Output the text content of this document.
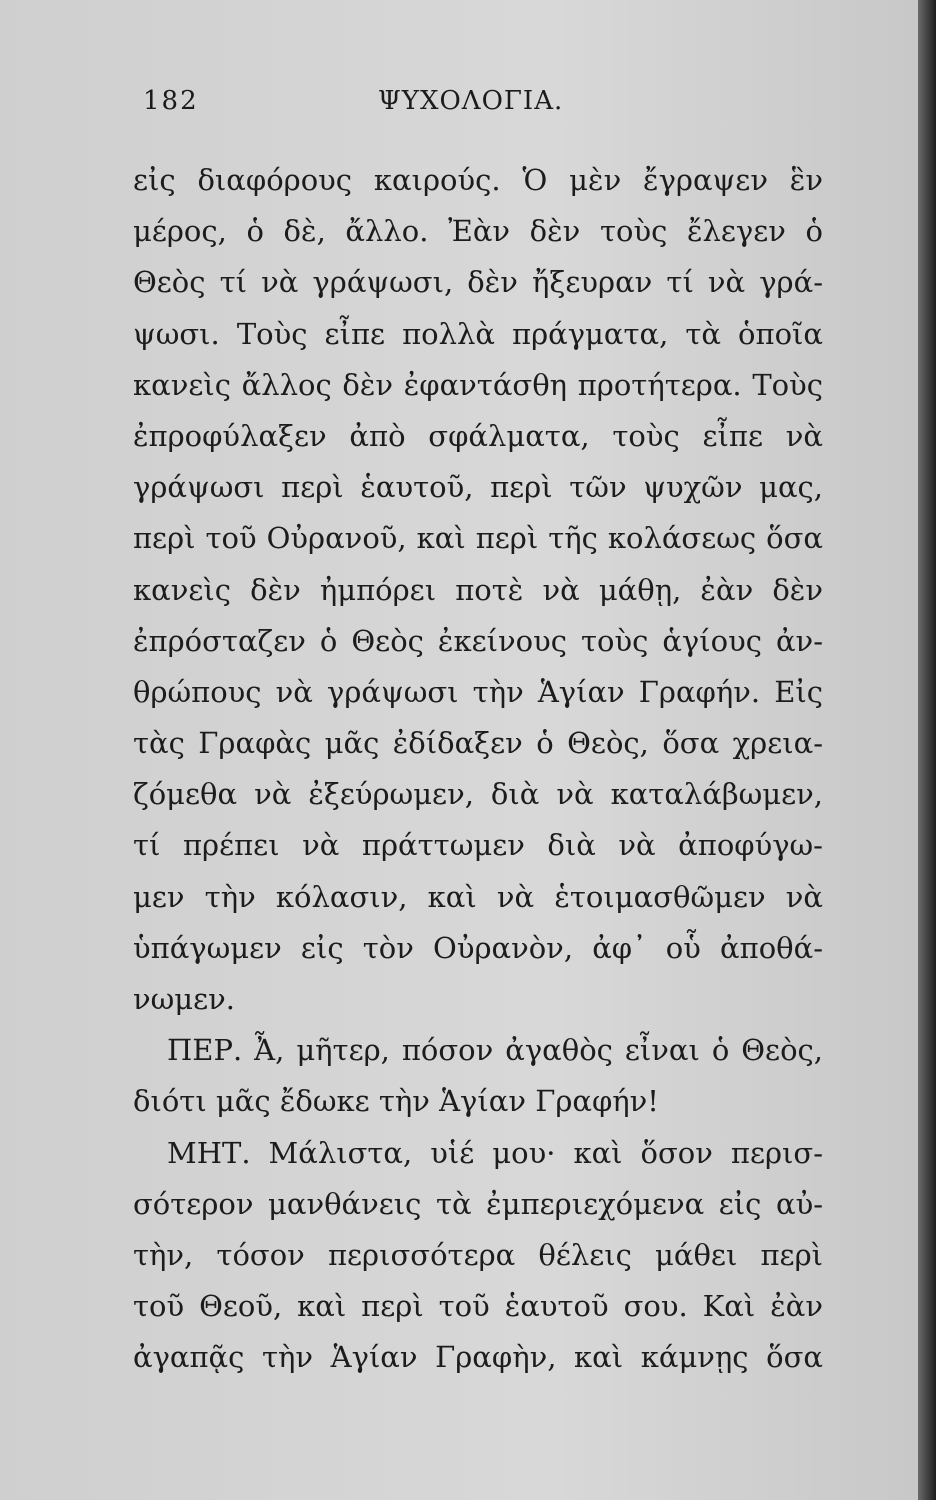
182	ΨΥΧΟΛΟΓΙΑ.
εἰς διαφόρους καιρούς. Ὁ μὲν ἔγραψεν ἓν
μέρος, ὁ δὲ, ἄλλο. Ἐὰν δὲν τοὺς ἔλεγεν ὁ
Θεὸς τί νὰ γράψωσι, δὲν ἤξευραν τί νὰ γρά-
ψωσι. Τοὺς εἶπε πολλὰ πράγματα, τὰ ὁποῖα
κανεὶς ἄλλος δὲν ἐφαντάσθη προτήτερα. Τοὺς
ἐπροφύλαξεν ἀπὸ σφάλματα, τοὺς εἶπε νὰ
γράψωσι περὶ ἑαυτοῦ, περὶ τῶν ψυχῶν μας,
περὶ τοῦ Οὐρανοῦ, καὶ περὶ τῆς κολάσεως ὅσα
κανεὶς δὲν ἠμπόρει ποτὲ νὰ μάθῃ, ἐὰν δὲν
ἐπρόσταζεν ὁ Θεὸς ἐκείνους τοὺς ἁγίους ἀν-
θρώπους νὰ γράψωσι τὴν Ἁγίαν Γραφήν. Εἰς
τὰς Γραφὰς μᾶς ἐδίδαξεν ὁ Θεὸς, ὅσα χρεια-
ζόμεθα νὰ ἐξεύρωμεν, διὰ νὰ καταλάβωμεν,
τί πρέπει νὰ πράττωμεν διὰ νὰ ἀποφύγω-
μεν τὴν κόλασιν, καὶ νὰ ἑτοιμασθῶμεν νὰ
ὑπάγωμεν εἰς τὸν Οὐρανὸν, ἀφ᾽ οὗ ἀποθά-
νωμεν.
ΠΕΡ. Ἆ, μῆτερ, πόσον ἀγαθὸς εἶναι ὁ Θεὸς,
διότι μᾶς ἔδωκε τὴν Ἁγίαν Γραφήν!
ΜΗΤ. Μάλιστα, υἱέ μου· καὶ ὅσον περισ-
σότερον μανθάνεις τὰ ἐμπεριεχόμενα εἰς αὐ-
τὴν, τόσον περισσότερα θέλεις μάθει περὶ
τοῦ Θεοῦ, καὶ περὶ τοῦ ἑαυτοῦ σου. Καὶ ἐὰν
ἀγαπᾷς τὴν Ἁγίαν Γραφὴν, καὶ κάμνῃς ὅσα
